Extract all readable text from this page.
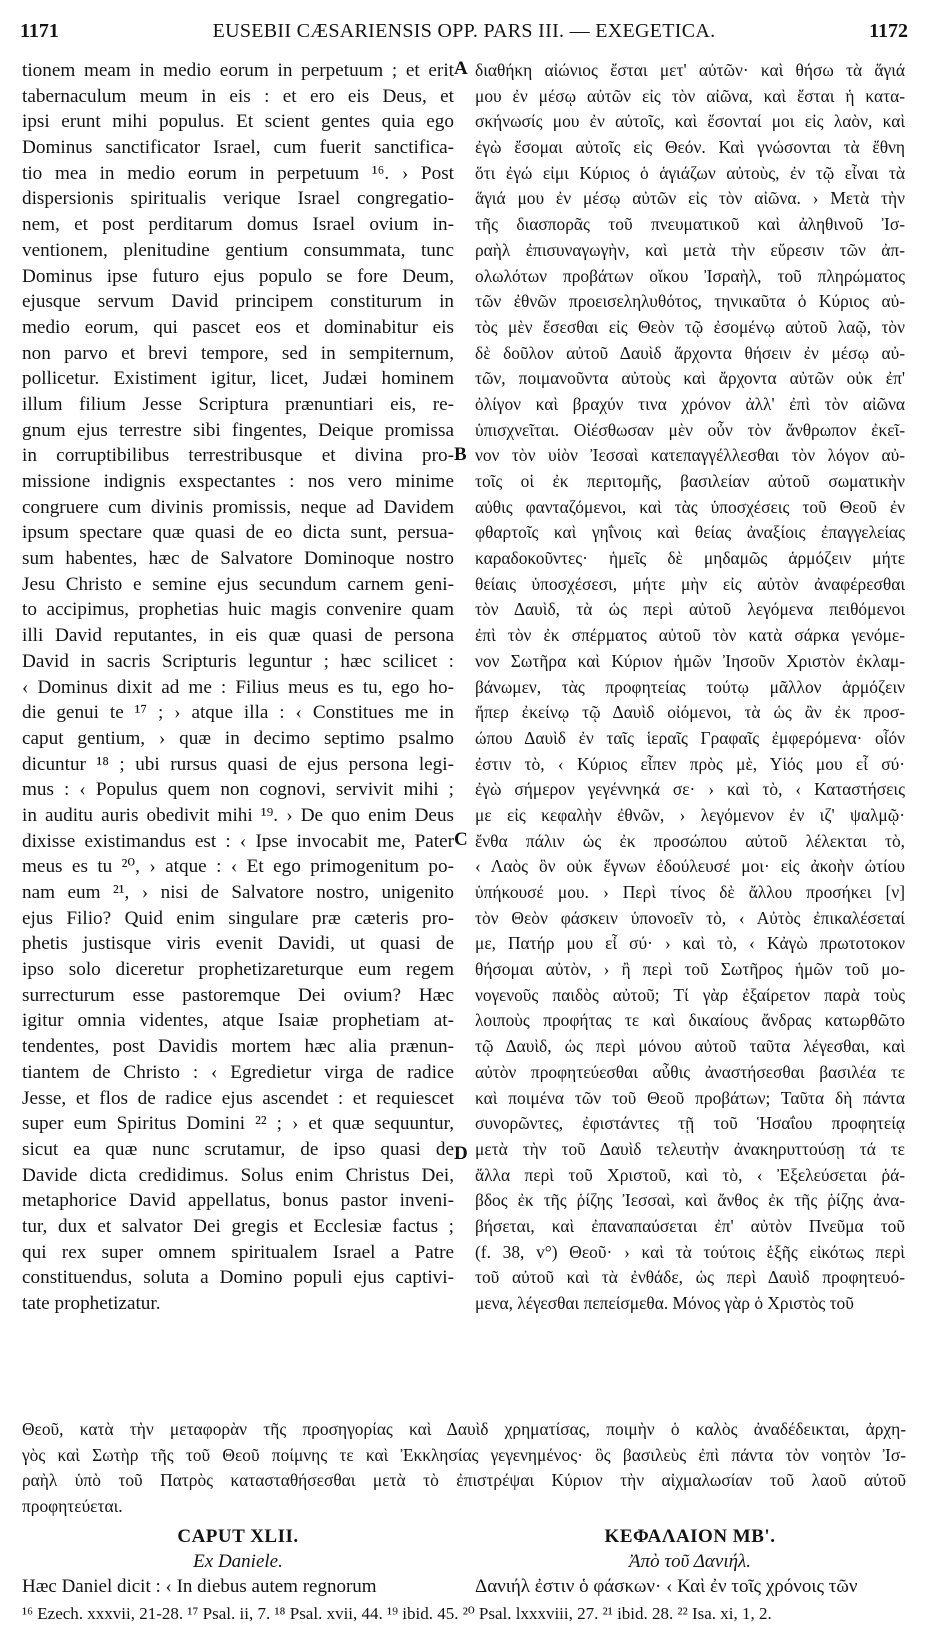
1171	EUSEBII CÆSARIENSIS OPP. PARS III. — EXEGETICA.	1172
tionem meam in medio eorum in perpetuum ; et erit
tabernaculum meum in eis : et ero eis Deus, et
ipsi erunt mihi populus. Et scient gentes quia ego
Dominus sanctificator Israel, cum fuerit sanctifica-
tio mea in medio eorum in perpetuum ¹⁶. › Post
dispersionis spiritualis verique Israel congregatio-
nem, et post perditarum domus Israel ovium in-
ventionem, plenitudine gentium consummata, tunc
Dominus ipse futuro ejus populo se fore Deum,
ejusque servum David principem constiturum in
medio eorum, qui pascet eos et dominabitur eis
non parvo et brevi tempore, sed in sempiternum,
pollicetur. Existiment igitur, licet, Judæi hominem
illum filium Jesse Scriptura prænuntiari eis, re-
gnum ejus terrestre sibi fingentes, Deique promissa
in corruptibilibus terrestribusque et divina pro-
missione indignis exspectantes : nos vero minime
congruere cum divinis promissis, neque ad Davidem
ipsum spectare quæ quasi de eo dicta sunt, persua-
sum habentes, hæc de Salvatore Dominoque nostro
Jesu Christo e semine ejus secundum carnem geni-
to accipimus, prophetias huic magis convenire quam
illi David reputantes, in eis quæ quasi de persona
David in sacris Scripturis leguntur ; hæc scilicet :
‹ Dominus dixit ad me : Filius meus es tu, ego ho-
die genui te ¹⁷ ; › atque illa : ‹ Constitues me in
caput gentium, › quæ in decimo septimo psalmo
dicuntur ¹⁸ ; ubi rursus quasi de ejus persona legi-
mus : ‹ Populus quem non cognovi, servivit mihi ;
in auditu auris obedivit mihi ¹⁹. › De quo enim Deus
dixisse existimandus est : ‹ Ipse invocabit me, Pater
meus es tu ²⁰, › atque : ‹ Et ego primogenitum po-
nam eum ²¹, › nisi de Salvatore nostro, unigenito
ejus Filio? Quid enim singulare præ cæteris pro-
phetis justisque viris evenit Davidi, ut quasi de
ipso solo diceretur prophetizareturque eum regem
surrecturum esse pastoremque Dei ovium? Hæc
igitur omnia videntes, atque Isaiæ prophetiam at-
tendentes, post Davidis mortem hæc alia prænun-
tiantem de Christo : ‹ Egredietur virga de radice
Jesse, et flos de radice ejus ascendet : et requiescet
super eum Spiritus Domini ²² ; › et quæ sequuntur,
sicut ea quæ nunc scrutamur, de ipso quasi de
Davide dicta credidimus. Solus enim Christus Dei,
metaphorice David appellatus, bonus pastor inveni-
tur, dux et salvator Dei gregis et Ecclesiæ factus ;
qui rex super omnem spiritualem Israel a Patre
constituendus, soluta a Domino populi ejus captivi-
tate prophetizatur.
A
B
C
D
διαθήκη αἰώνιος ἔσται μετ' αὐτῶν· καὶ θήσω τὰ ἅγιά
μου ἐν μέσῳ αὐτῶν εἰς τὸν αἰῶνα, καὶ ἔσται ἡ κατα-
σκήνωσίς μου ἐν αὐτοῖς, καὶ ἔσονταί μοι εἰς λαὸν, καὶ
ἐγὼ ἔσομαι αὐτοῖς εἰς Θεόν. Καὶ γνώσονται τὰ ἔθνη
ὅτι ἐγώ εἰμι Κύριος ὁ ἁγιάζων αὐτοὺς, ἐν τῷ εἶναι τὰ
ἅγιά μου ἐν μέσῳ αὐτῶν εἰς τὸν αἰῶνα. › Μετὰ τὴν
τῆς διασπορᾶς τοῦ πνευματικοῦ καὶ ἀληθινοῦ Ἰσ-
ραὴλ ἐπισυναγωγὴν, καὶ μετὰ τὴν εὕρεσιν τῶν ἀπ-
ολωλότων προβάτων οἴκου Ἰσραὴλ, τοῦ πληρώματος
τῶν ἐθνῶν προεισεληλυθότος, τηνικαῦτα ὁ Κύριος αὐ-
τὸς μὲν ἔσεσθαι εἰς Θεὸν τῷ ἐσομένῳ αὐτοῦ λαῷ, τὸν
δὲ δοῦλον αὐτοῦ Δαυὶδ ἄρχοντα θήσειν ἐν μέσῳ αὐ-
τῶν, ποιμανοῦντα αὐτοὺς καὶ ἄρχοντα αὐτῶν οὐκ ἐπ'
ὀλίγον καὶ βραχύν τινα χρόνον ἀλλ' ἐπὶ τὸν αἰῶνα
ὑπισχνεῖται. Οἰέσθωσαν μὲν οὖν τὸν ἄνθρωπον ἐκεῖ-
νον τὸν υἱὸν Ἰεσσαὶ κατεπαγγέλλεσθαι τὸν λόγον αὐ-
τοῖς οἱ ἐκ περιτομῆς, βασιλείαν αὐτοῦ σωματικὴν
αὐθις φανταζόμενοι, καὶ τὰς ὑποσχέσεις τοῦ Θεοῦ ἐν
φθαρτοῖς καὶ γηΐνοις καὶ θείας ἀναξίοις ἐπαγγελείας
καραδοκοῦντες· ἡμεῖς δὲ μηδαμῶς ἁρμόζειν μήτε
θείαις ὑποσχέσεσι, μήτε μὴν εἰς αὐτὸν ἀναφέρεσθαι
τὸν Δαυὶδ, τὰ ὡς περὶ αὐτοῦ λεγόμενα πειθόμενοι
ἐπὶ τὸν ἐκ σπέρματος αὐτοῦ τὸν κατὰ σάρκα γενόμε-
νον Σωτῆρα καὶ Κύριον ἡμῶν Ἰησοῦν Χριστὸν ἐκλαμ-
βάνωμεν, τὰς προφητείας τούτῳ μᾶλλον ἁρμόζειν
ἤπερ ἐκείνῳ τῷ Δαυὶδ οἰόμενοι, τὰ ὡς ἂν ἐκ προσ-
ώπου Δαυὶδ ἐν ταῖς ἱεραῖς Γραφαῖς ἐμφερόμενα· οἷόν
ἐστιν τὸ, ‹ Κύριος εἶπεν πρὸς μὲ, Υἱός μου εἶ σύ·
ἐγὼ σήμερον γεγέννηκά σε· › καὶ τὸ, ‹ Καταστήσεις
με εἰς κεφαλὴν ἐθνῶν, › λεγόμενον ἐν ιζ' ψαλμῷ·
ἔνθα πάλιν ὡς ἐκ προσώπου αὐτοῦ λέλεκται τὸ,
‹ Λαὸς ὃν οὐκ ἔγνων ἐδούλευσέ μοι· εἰς ἀκοὴν ὠτίου
ὑπήκουσέ μου. › Περὶ τίνος δὲ ἄλλου προσήκει [ν]
τὸν Θεὸν φάσκειν ὑπονοεῖν τὸ, ‹ Αὐτὸς ἐπικαλέσεταί
με, Πατήρ μου εἶ σύ· › καὶ τὸ, ‹ Κἀγὼ πρωτοτοκον
θήσομαι αὐτὸν, › ἢ περὶ τοῦ Σωτῆρος ἡμῶν τοῦ μο-
νογενοῦς παιδὸς αὐτοῦ; Τί γὰρ ἐξαίρετον παρὰ τοὺς
λοιποὺς προφήτας τε καὶ δικαίους ἄνδρας κατωρθῶτο
τῷ Δαυὶδ, ὡς περὶ μόνου αὐτοῦ ταῦτα λέγεσθαι, καὶ
αὐτὸν προφητεύεσθαι αὖθις ἀναστήσεσθαι βασιλέα τε
καὶ ποιμένα τῶν τοῦ Θεοῦ προβάτων; Ταῦτα δὴ πάντα
συνορῶντες, ἐφιστάντες τῇ τοῦ Ἡσαΐου προφητείᾳ
μετὰ τὴν τοῦ Δαυὶδ τελευτὴν ἀνακηρυττούσῃ τά τε
ἄλλα περὶ τοῦ Χριστοῦ, καὶ τὸ, ‹ Ἐξελεύσεται ῥά-
βδος ἐκ τῆς ῥίζης Ἰεσσαὶ, καὶ ἄνθος ἐκ τῆς ῥίζης ἀνα-
βήσεται, καὶ ἐπαναπαύσεται ἐπ' αὐτὸν Πνεῦμα τοῦ
(f. 38, v°) Θεοῦ· › καὶ τὰ τούτοις ἑξῆς εἰκότως περὶ
τοῦ αὐτοῦ καὶ τὰ ἐνθάδε, ὡς περὶ Δαυὶδ προφητευό-
μενα, λέγεσθαι πεπείσμεθα. Μόνος γὰρ ὁ Χριστὸς τοῦ
Θεοῦ, κατὰ τὴν μεταφορὰν τῆς προσηγορίας καὶ Δαυὶδ χρηματίσας, ποιμὴν ὁ καλὸς ἀναδέδεικται, ἀρχη-
γὸς καὶ Σωτὴρ τῆς τοῦ Θεοῦ ποίμνης τε καὶ Ἐκκλησίας γεγενημένος· ὃς βασιλεὺς ἐπὶ πάντα τὸν νοητὸν Ἰσ-
ραὴλ ὑπὸ τοῦ Πατρὸς κατασταθήσεσθαι μετὰ τὸ ἐπιστρέψαι Κύριον τὴν αἰχμαλωσίαν τοῦ λαοῦ αὐτοῦ
προφητεύεται.
CAPUT XLII.
Ex Daniele.
Hæc Daniel dicit : ‹ In diebus autem regnorum
ΚΕΦΑΛΑΙΟΝ ΜΒ'.
Ἀπὸ τοῦ Δανιήλ.
Δανιήλ ἐστιν ὁ φάσκων· ‹ Καὶ ἐν τοῖς χρόνοις τῶν
¹⁶ Ezech. xxxvii, 21-28. ¹⁷ Psal. ii, 7. ¹⁸ Psal. xvii, 44. ¹⁹ ibid. 45. ²⁰ Psal. lxxxviii, 27. ²¹ ibid. 28. ²² Isa. xi, 1, 2.
